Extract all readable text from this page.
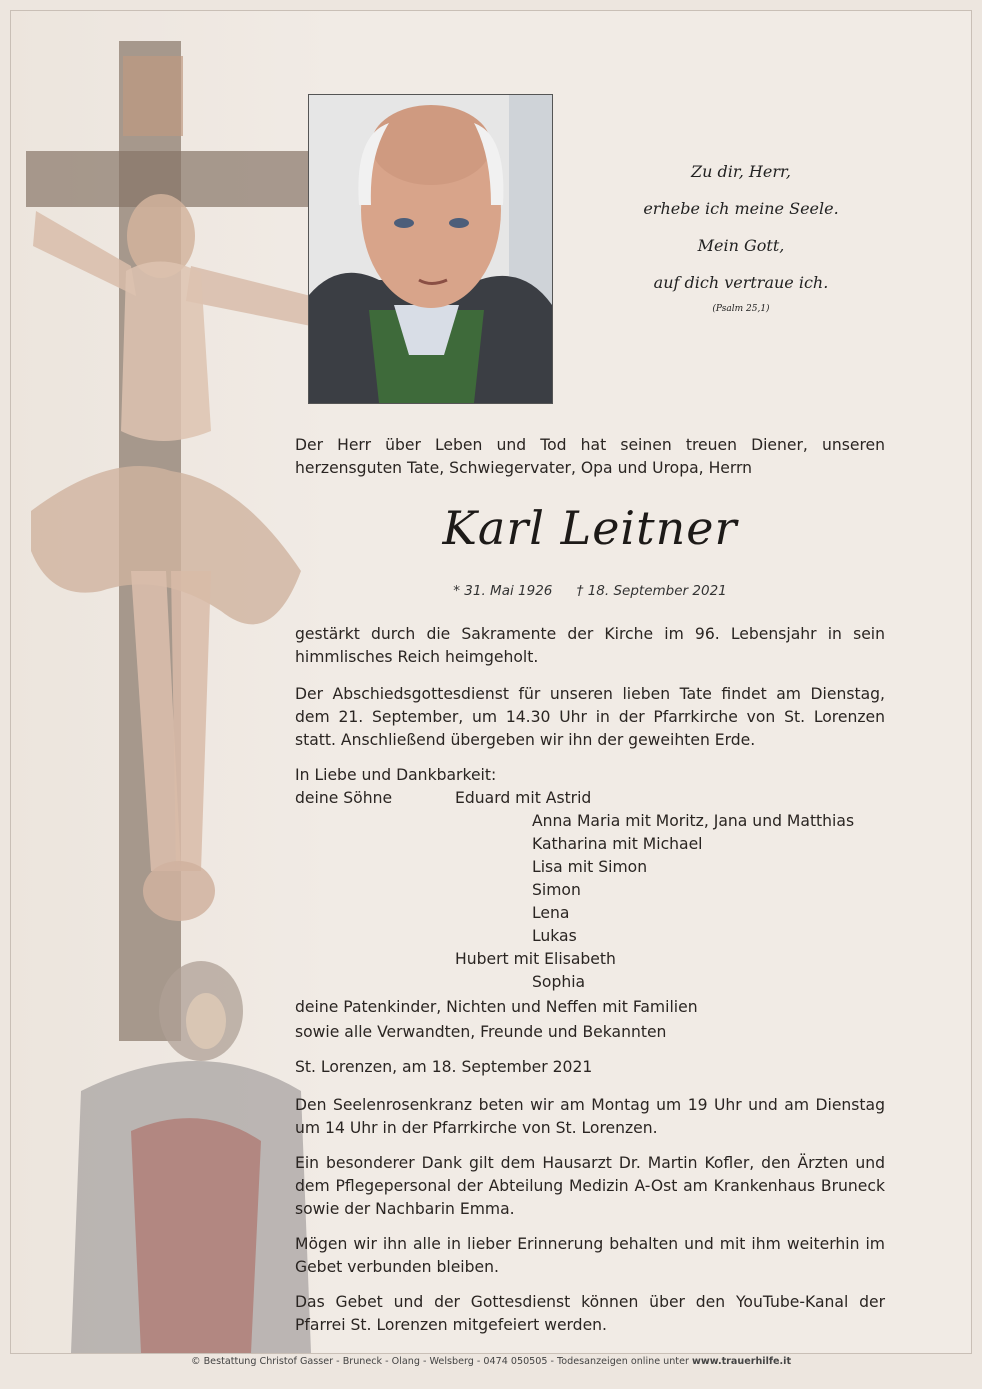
Zu dir, Herr,
erhebe ich meine Seele.
Mein Gott,
auf dich vertraue ich.
(Psalm 25,1)
Der Herr über Leben und Tod hat seinen treuen Diener, unseren herzensguten Tate, Schwiegervater, Opa und Uropa, Herrn
Karl Leitner
* 31. Mai 1926 † 18. September 2021
gestärkt durch die Sakramente der Kirche im 96. Lebensjahr in sein himmlisches Reich heimgeholt.
Der Abschiedsgottesdienst für unseren lieben Tate findet am Dienstag, dem 21. September, um 14.30 Uhr in der Pfarrkirche von St. Lorenzen statt. Anschließend übergeben wir ihn der geweihten Erde.
In Liebe und Dankbarkeit:
deine Söhne	Eduard mit Astrid
Anna Maria mit Moritz, Jana und Matthias
Katharina mit Michael
Lisa mit Simon
Simon
Lena
Lukas
Hubert mit Elisabeth
Sophia
deine Patenkinder, Nichten und Neffen mit Familien
sowie alle Verwandten, Freunde und Bekannten
St. Lorenzen, am 18. September 2021
Den Seelenrosenkranz beten wir am Montag um 19 Uhr und am Dienstag um 14 Uhr in der Pfarrkirche von St. Lorenzen.
Ein besonderer Dank gilt dem Hausarzt Dr. Martin Kofler, den Ärzten und dem Pflegepersonal der Abteilung Medizin A-Ost am Krankenhaus Bruneck sowie der Nachbarin Emma.
Mögen wir ihn alle in lieber Erinnerung behalten und mit ihm weiterhin im Gebet verbunden bleiben.
Das Gebet und der Gottesdienst können über den YouTube-Kanal der Pfarrei St. Lorenzen mitgefeiert werden.
© Bestattung Christof Gasser - Bruneck - Olang - Welsberg - 0474 050505 - Todesanzeigen online unter www.trauerhilfe.it
